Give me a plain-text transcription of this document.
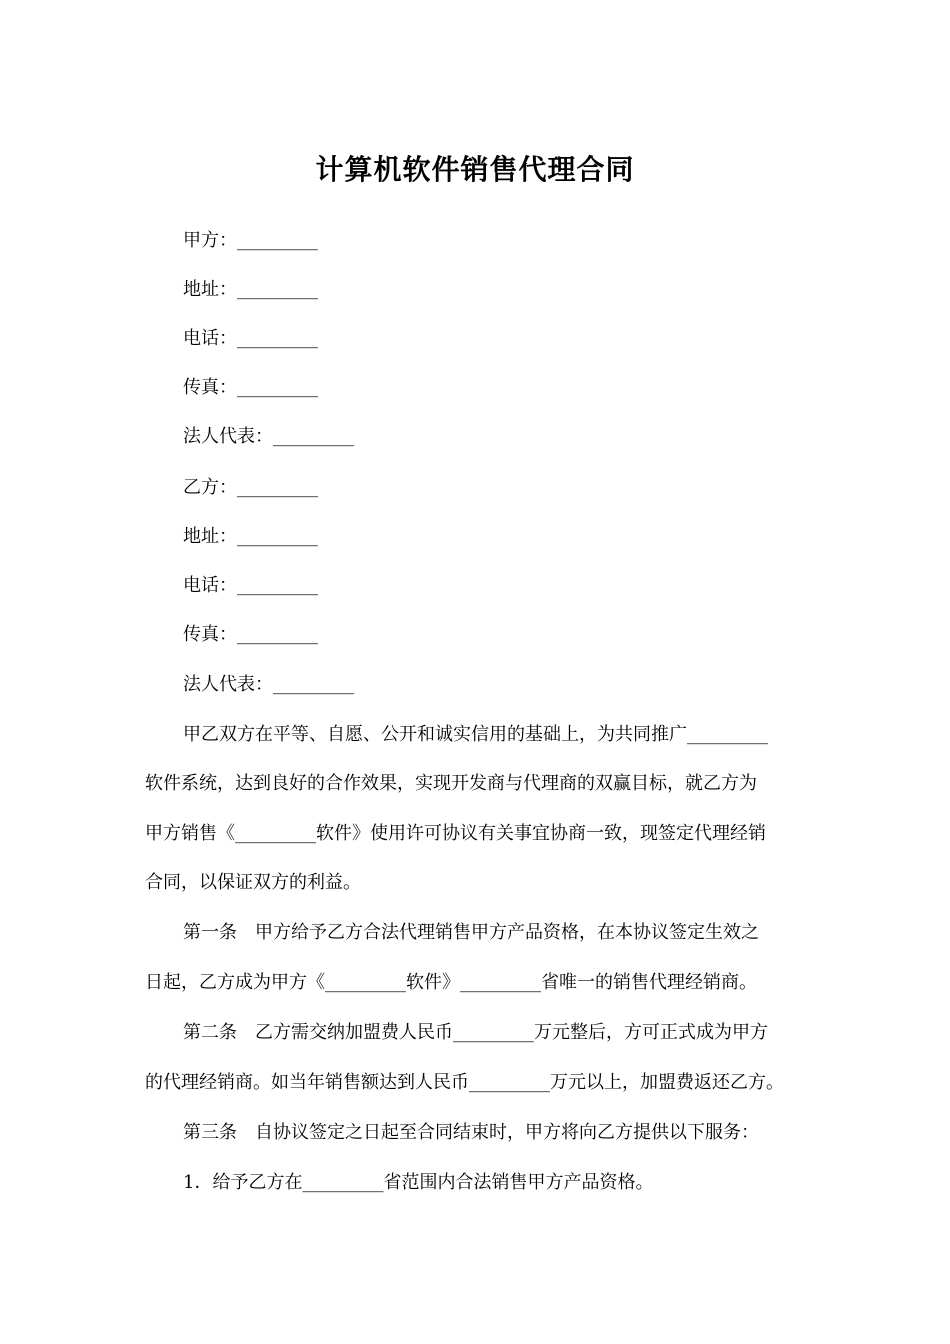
计算机软件销售代理合同
甲方：_________
地址：_________
电话：_________
传真：_________
法人代表：_________
乙方：_________
地址：_________
电话：_________
传真：_________
法人代表：_________
甲乙双方在平等、自愿、公开和诚实信用的基础上，为共同推广_________
软件系统，达到良好的合作效果，实现开发商与代理商的双赢目标，就乙方为
甲方销售《_________软件》使用许可协议有关事宜协商一致，现签定代理经销
合同，以保证双方的利益。
第一条　甲方给予乙方合法代理销售甲方产品资格，在本协议签定生效之
日起，乙方成为甲方《_________软件》_________省唯一的销售代理经销商。
第二条　乙方需交纳加盟费人民币_________万元整后，方可正式成为甲方
的代理经销商。如当年销售额达到人民币_________万元以上，加盟费返还乙方。
第三条　自协议签定之日起至合同结束时，甲方将向乙方提供以下服务：
1．给予乙方在_________省范围内合法销售甲方产品资格。
